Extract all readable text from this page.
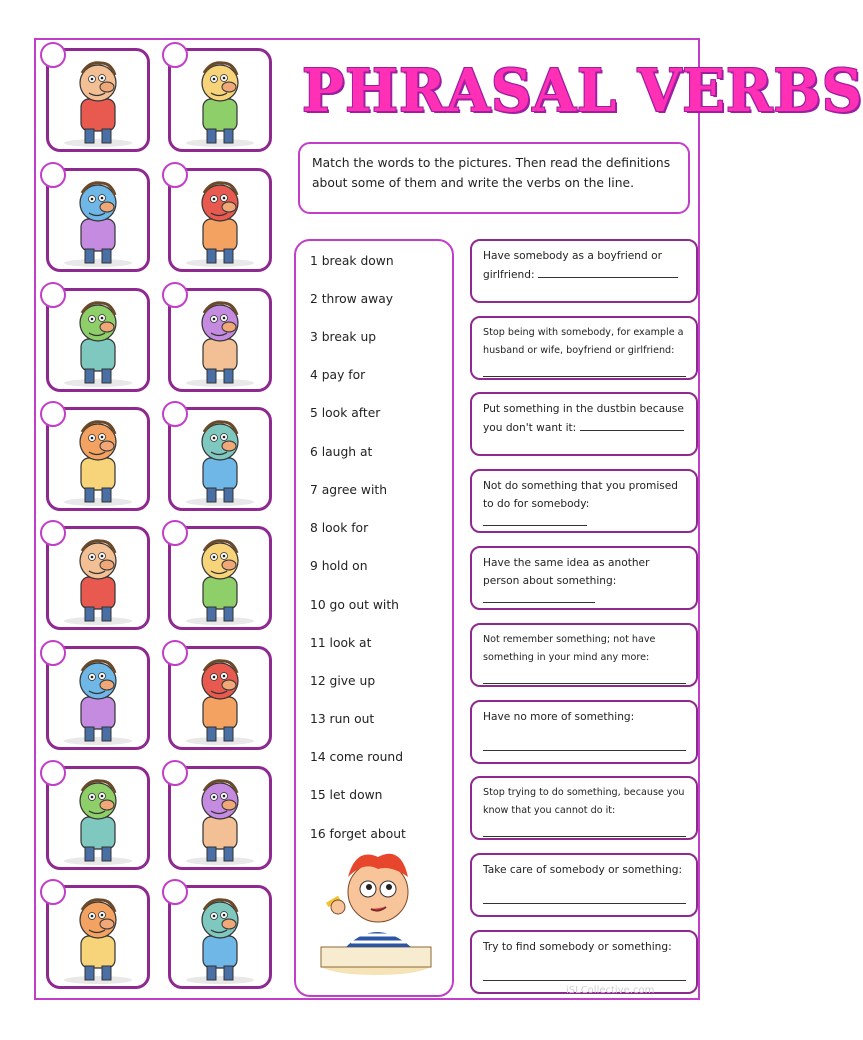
PHRASAL VERBS
Match the words to the pictures. Then read the definitions about some of them and write the verbs on the line.
1 break down
2 throw away
3 break up
4 pay for
5 look after
6 laugh at
7 agree with
8 look for
9 hold on
10 go out with
11 look at
12 give up
13 run out
14 come round
15 let down
16 forget about
Have somebody as a boyfriend or girlfriend:
Stop being with somebody, for example a husband or wife, boyfriend or girlfriend:
Put something in the dustbin because you don't want it:
Not do something that you promised to do for somebody:
Have the same idea as another person about something:
Not remember something; not have something in your mind any more:
Have no more of something:
Stop trying to do something, because you know that you cannot do it:
Take care of somebody or something:
Try to find somebody or something:
iSLCollective.com
